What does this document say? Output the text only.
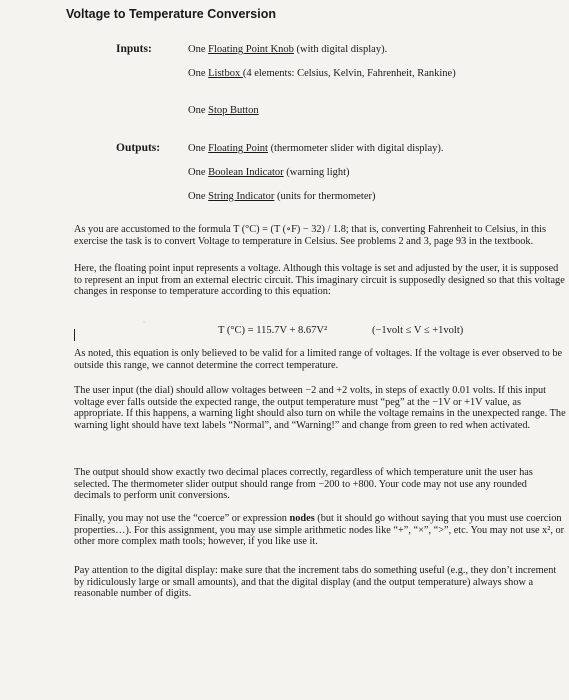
Voltage to Temperature Conversion
Inputs:	One Floating Point Knob (with digital display).
One Listbox (4 elements: Celsius, Kelvin, Fahrenheit, Rankine)
One Stop Button
Outputs:	One Floating Point (thermometer slider with digital display).
One Boolean Indicator (warning light)
One String Indicator (units for thermometer)
As you are accustomed to the formula T (°C) = (T (∘F) − 32) / 1.8; that is, converting Fahrenheit to Celsius, in this exercise the task is to convert Voltage to temperature in Celsius. See problems 2 and 3, page 93 in the textbook.
Here, the floating point input represents a voltage. Although this voltage is set and adjusted by the user, it is supposed to represent an input from an external electric circuit. This imaginary circuit is supposedly designed so that this voltage changes in response to temperature according to this equation:
◦
T (°C) = 115.7V + 8.67V²	(−1volt ≤ V ≤ +1volt)
As noted, this equation is only believed to be valid for a limited range of voltages. If the voltage is ever observed to be outside this range, we cannot determine the correct temperature.
The user input (the dial) should allow voltages between −2 and +2 volts, in steps of exactly 0.01 volts. If this input voltage ever falls outside the expected range, the output temperature must “peg” at the −1V or +1V value, as appropriate. If this happens, a warning light should also turn on while the voltage remains in the unexpected range. The warning light should have text labels “Normal”, and “Warning!” and change from green to red when activated.
The output should show exactly two decimal places correctly, regardless of which temperature unit the user has selected. The thermometer slider output should range from −200 to +800. Your code may not use any rounded decimals to perform unit conversions.
Finally, you may not use the “coerce” or expression nodes (but it should go without saying that you must use coercion properties…). For this assignment, you may use simple arithmetic nodes like “+”, “×”, “>”, etc. You may not use x², or other more complex math tools; however, if you like use it.
Pay attention to the digital display: make sure that the increment tabs do something useful (e.g., they don’t increment by ridiculously large or small amounts), and that the digital display (and the output temperature) always show a reasonable number of digits.
